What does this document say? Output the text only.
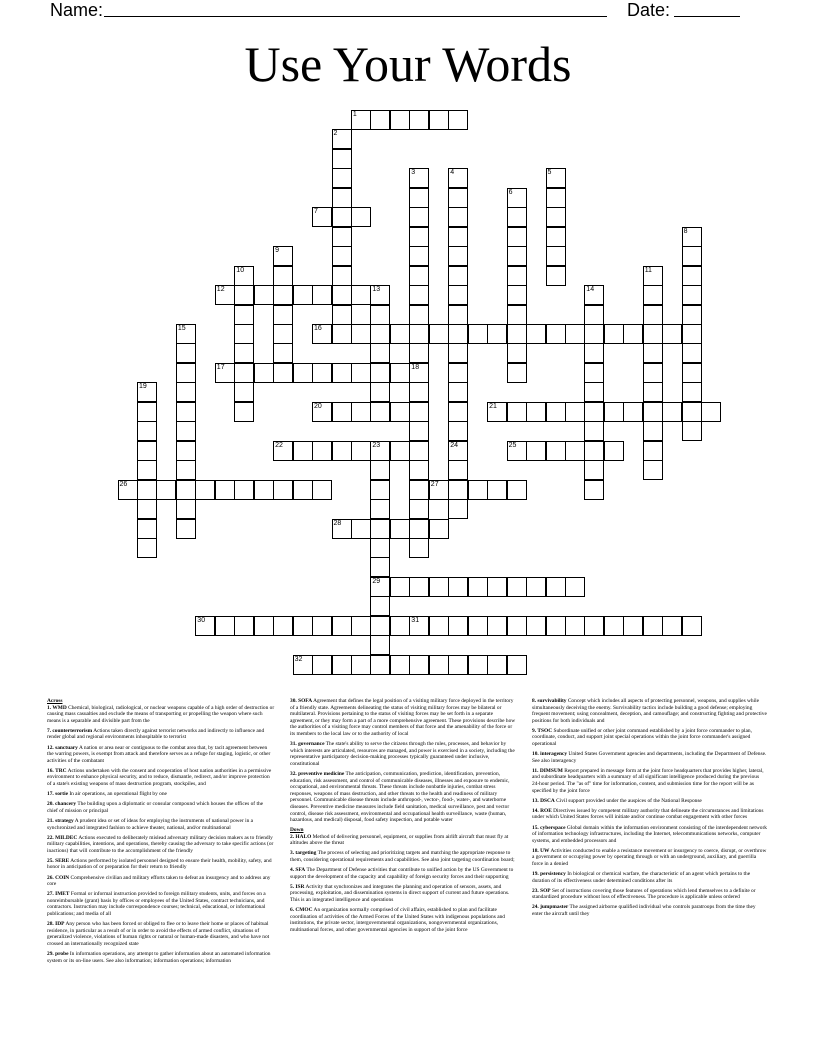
Name:	Date:
Use Your Words
1
7
12
16
17	18
20	21
22	23	25
26	27
28
29
30	31
32
2
3	4
24
5
6
8
9
10	11
13	14
15
19

Across

1. WMD Chemical, biological, radiological, or nuclear weapons capable of a high order of destruction or causing mass casualties and exclude the means of transporting or propelling the weapon where such means is a separable and divisible part from the

7. counterterrorism Actions taken directly against terrorist networks and indirectly to influence and render global and regional environments inhospitable to terrorist

12. sanctuary A nation or area near or contiguous to the combat area that, by tacit agreement between the warring powers, is exempt from attack and therefore serves as a refuge for staging, logistic, or other activities of the combatant

16. TRC Actions undertaken with the consent and cooperation of host nation authorities in a permissive environment to enhance physical security, and to reduce, dismantle, redirect, and/or improve protection of a state's existing weapons of mass destruction program, stockpiles, and

17. sortie In air operations, an operational flight by one

20. chancery The building upon a diplomatic or consular compound which houses the offices of the chief of mission or principal

21. strategy A prudent idea or set of ideas for employing the instruments of national power in a synchronized and integrated fashion to achieve theater, national, and/or multinational

22. MILDEC Actions executed to deliberately mislead adversary military decision makers as to friendly military capabilities, intentions, and operations, thereby causing the adversary to take specific actions (or inactions) that will contribute to the accomplishment of the friendly

25. SERE Actions performed by isolated personnel designed to ensure their health, mobility, safety, and honor in anticipation of or preparation for their return to friendly

26. COIN Comprehensive civilian and military efforts taken to defeat an insurgency and to address any core

27. IMET Formal or informal instruction provided to foreign military students, units, and forces on a nonreimbursable (grant) basis by offices or employees of the United States, contract technicians, and contractors. Instruction may include correspondence courses; technical, educational, or informational publications; and media of all

28. IDP Any person who has been forced or obliged to flee or to leave their home or places of habitual residence, in particular as a result of or in order to avoid the effects of armed conflict, situations of generalized violence, violations of human rights or natural or human-made disasters, and who have not crossed an internationally recognized state

29. probe In information operations, any attempt to gather information about an automated information system or its on-line users. See also information; information operations; information

30. SOFA Agreement that defines the legal position of a visiting military force deployed in the territory of a friendly state. Agreements delineating the status of visiting military forces may be bilateral or multilateral. Provisions pertaining to the status of visiting forces may be set forth in a separate agreement, or they may form a part of a more comprehensive agreement. These provisions describe how the authorities of a visiting force may control members of that force and the amenability of the force or its members to the local law or to the authority of local

31. governance The state's ability to serve the citizens through the rules, processes, and behavior by which interests are articulated, resources are managed, and power is exercised in a society, including the representative participatory decision-making processes typically guaranteed under inclusive, constitutional

32. preventive medicine The anticipation, communication, prediction, identification, prevention, education, risk assessment, and control of communicable diseases, illnesses and exposure to endemic, occupational, and environmental threats. These threats include nonbattle injuries, combat stress responses, weapons of mass destruction, and other threats to the health and readiness of military personnel. Communicable disease threats include anthropod-, vector-, food-, water-, and waterborne diseases. Preventive medicine measures include field sanitation, medical surveillance, pest and vector control, disease risk assessment, environmental and occupational health surveillance, waste (human, hazardous, and medical) disposal, food safety inspection, and potable water

Down

2. HALO Method of delivering personnel, equipment, or supplies from airlift aircraft that must fly at altitudes above the threat

3. targeting The process of selecting and prioritizing targets and matching the appropriate response to them, considering operational requirements and capabilities. See also joint targeting coordination board;

4. SFA The Department of Defense activities that contribute to unified action by the US Government to support the development of the capacity and capability of foreign security forces and their supporting

5. ISR Activity that synchronizes and integrates the planning and operation of sensors, assets, and processing, exploitation, and dissemination systems in direct support of current and future operations. This is an integrated intelligence and operations

6. CMOC An organization normally comprised of civil affairs, established to plan and facilitate coordination of activities of the Armed Forces of the United States with indigenous populations and institutions, the private sector, intergovernmental organizations, nongovernmental organizations, multinational forces, and other governmental agencies in support of the joint force

8. survivability Concept which includes all aspects of protecting personnel, weapons, and supplies while simultaneously deceiving the enemy. Survivability tactics include building a good defense; employing frequent movement; using concealment, deception, and camouflage; and constructing fighting and protective positions for both individuals and

9. TSOC Subordinate unified or other joint command established by a joint force commander to plan, coordinate, conduct, and support joint special operations within the joint force commander's assigned operational

10. interagency United States Government agencies and departments, including the Department of Defense. See also interagency

11. DIMSUM Report prepared in message form at the joint force headquarters that provides higher, lateral, and subordinate headquarters with a summary of all significant intelligence produced during the previous 24-hour period. The "as of" time for information, content, and submission time for the report will be as specified by the joint force

13. DSCA Civil support provided under the auspices of the National Response

14. ROE Directives issued by competent military authority that delineate the circumstances and limitations under which United States forces will initiate and/or continue combat engagement with other forces

15. cyberspace Global domain within the information environment consisting of the interdependent network of information technology infrastructures, including the Internet, telecommunications networks, computer systems, and embedded processors and

18. UW Activities conducted to enable a resistance movement or insurgency to coerce, disrupt, or overthrow a government or occupying power by operating through or with an underground, auxiliary, and guerrilla force in a denied

19. persistency In biological or chemical warfare, the characteristic of an agent which pertains to the duration of its effectiveness under determined conditions after its

23. SOP Set of instructions covering those features of operations which lend themselves to a definite or standardized procedure without loss of effectiveness. The procedure is applicable unless ordered

24. jumpmaster The assigned airborne qualified individual who controls paratroops from the time they enter the aircraft until they
